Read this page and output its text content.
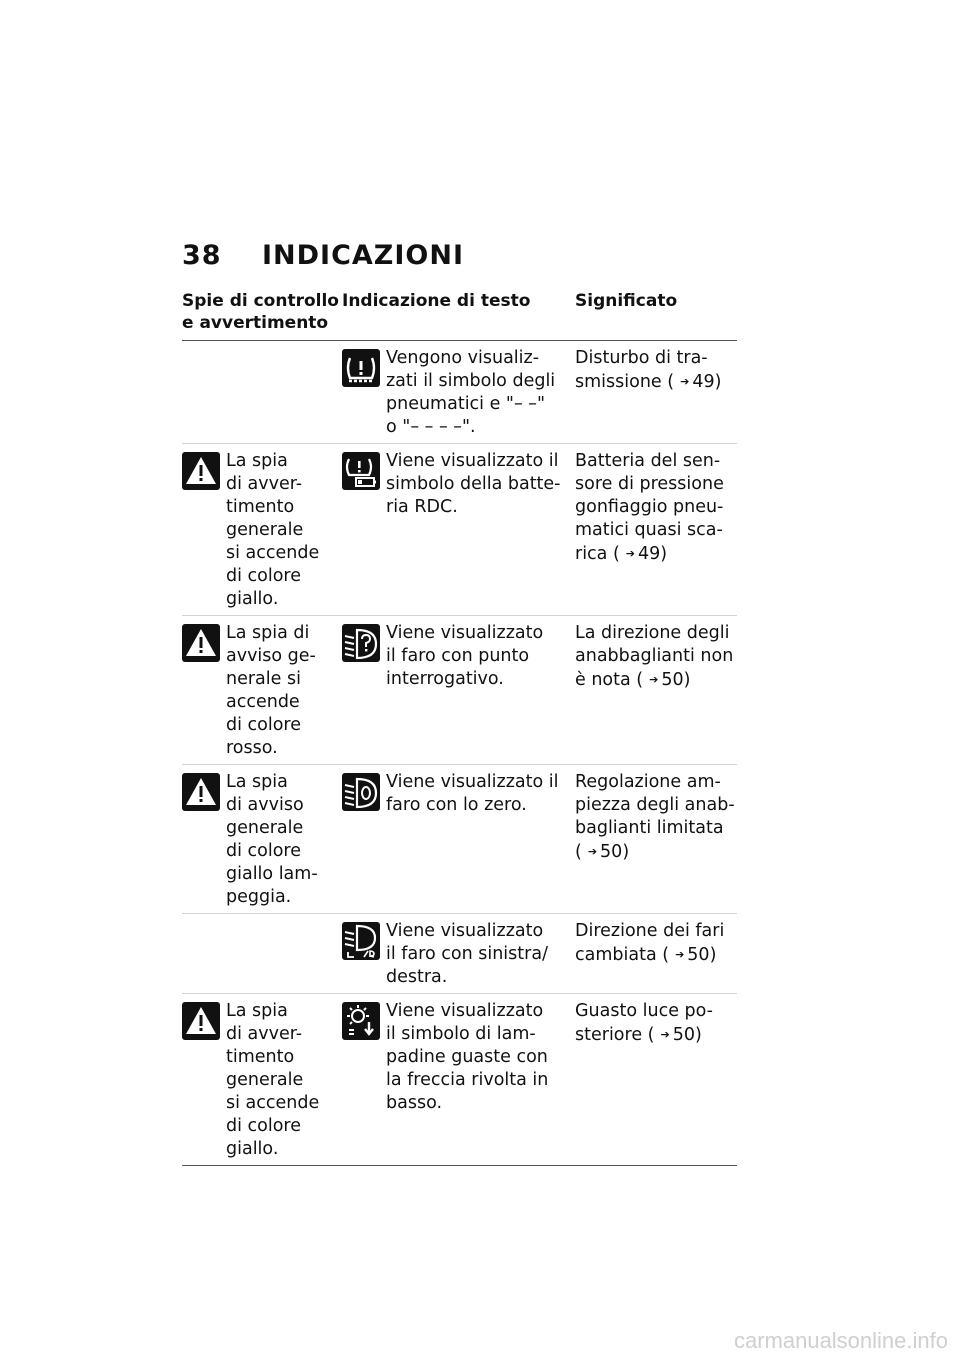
38	INDICAZIONI
Spie di controllo
e avvertimento
Indicazione di testo	Significato
Vengono visualiz-
zati il simbolo degli
pneumatici e "– –"
o "– – – –".
Disturbo di tra-
smissione ( ➔ 49)
La spia
di avver-
timento
generale
si accende
di colore
giallo.
Viene visualizzato il
simbolo della batte-
ria RDC.
Batteria del sen-
sore di pressione
gonfiaggio pneu-
matici quasi sca-
rica ( ➔ 49)
La spia di
avviso ge-
nerale si
accende
di colore
rosso.
Viene visualizzato
il faro con punto
interrogativo.
La direzione degli
anabbaglianti non
è nota ( ➔ 50)
La spia
di avviso
generale
di colore
giallo lam-
peggia.
Viene visualizzato il
faro con lo zero.
Regolazione am-
piezza degli anab-
baglianti limitata ( ➔ 50)
Viene visualizzato
il faro con sinistra/
destra.
Direzione dei fari
cambiata ( ➔ 50)
La spia
di avver-
timento
generale
si accende
di colore
giallo.
Viene visualizzato
il simbolo di lam-
padine guaste con
la freccia rivolta in
basso.
Guasto luce po-
steriore ( ➔ 50)
carmanualsonline.info
